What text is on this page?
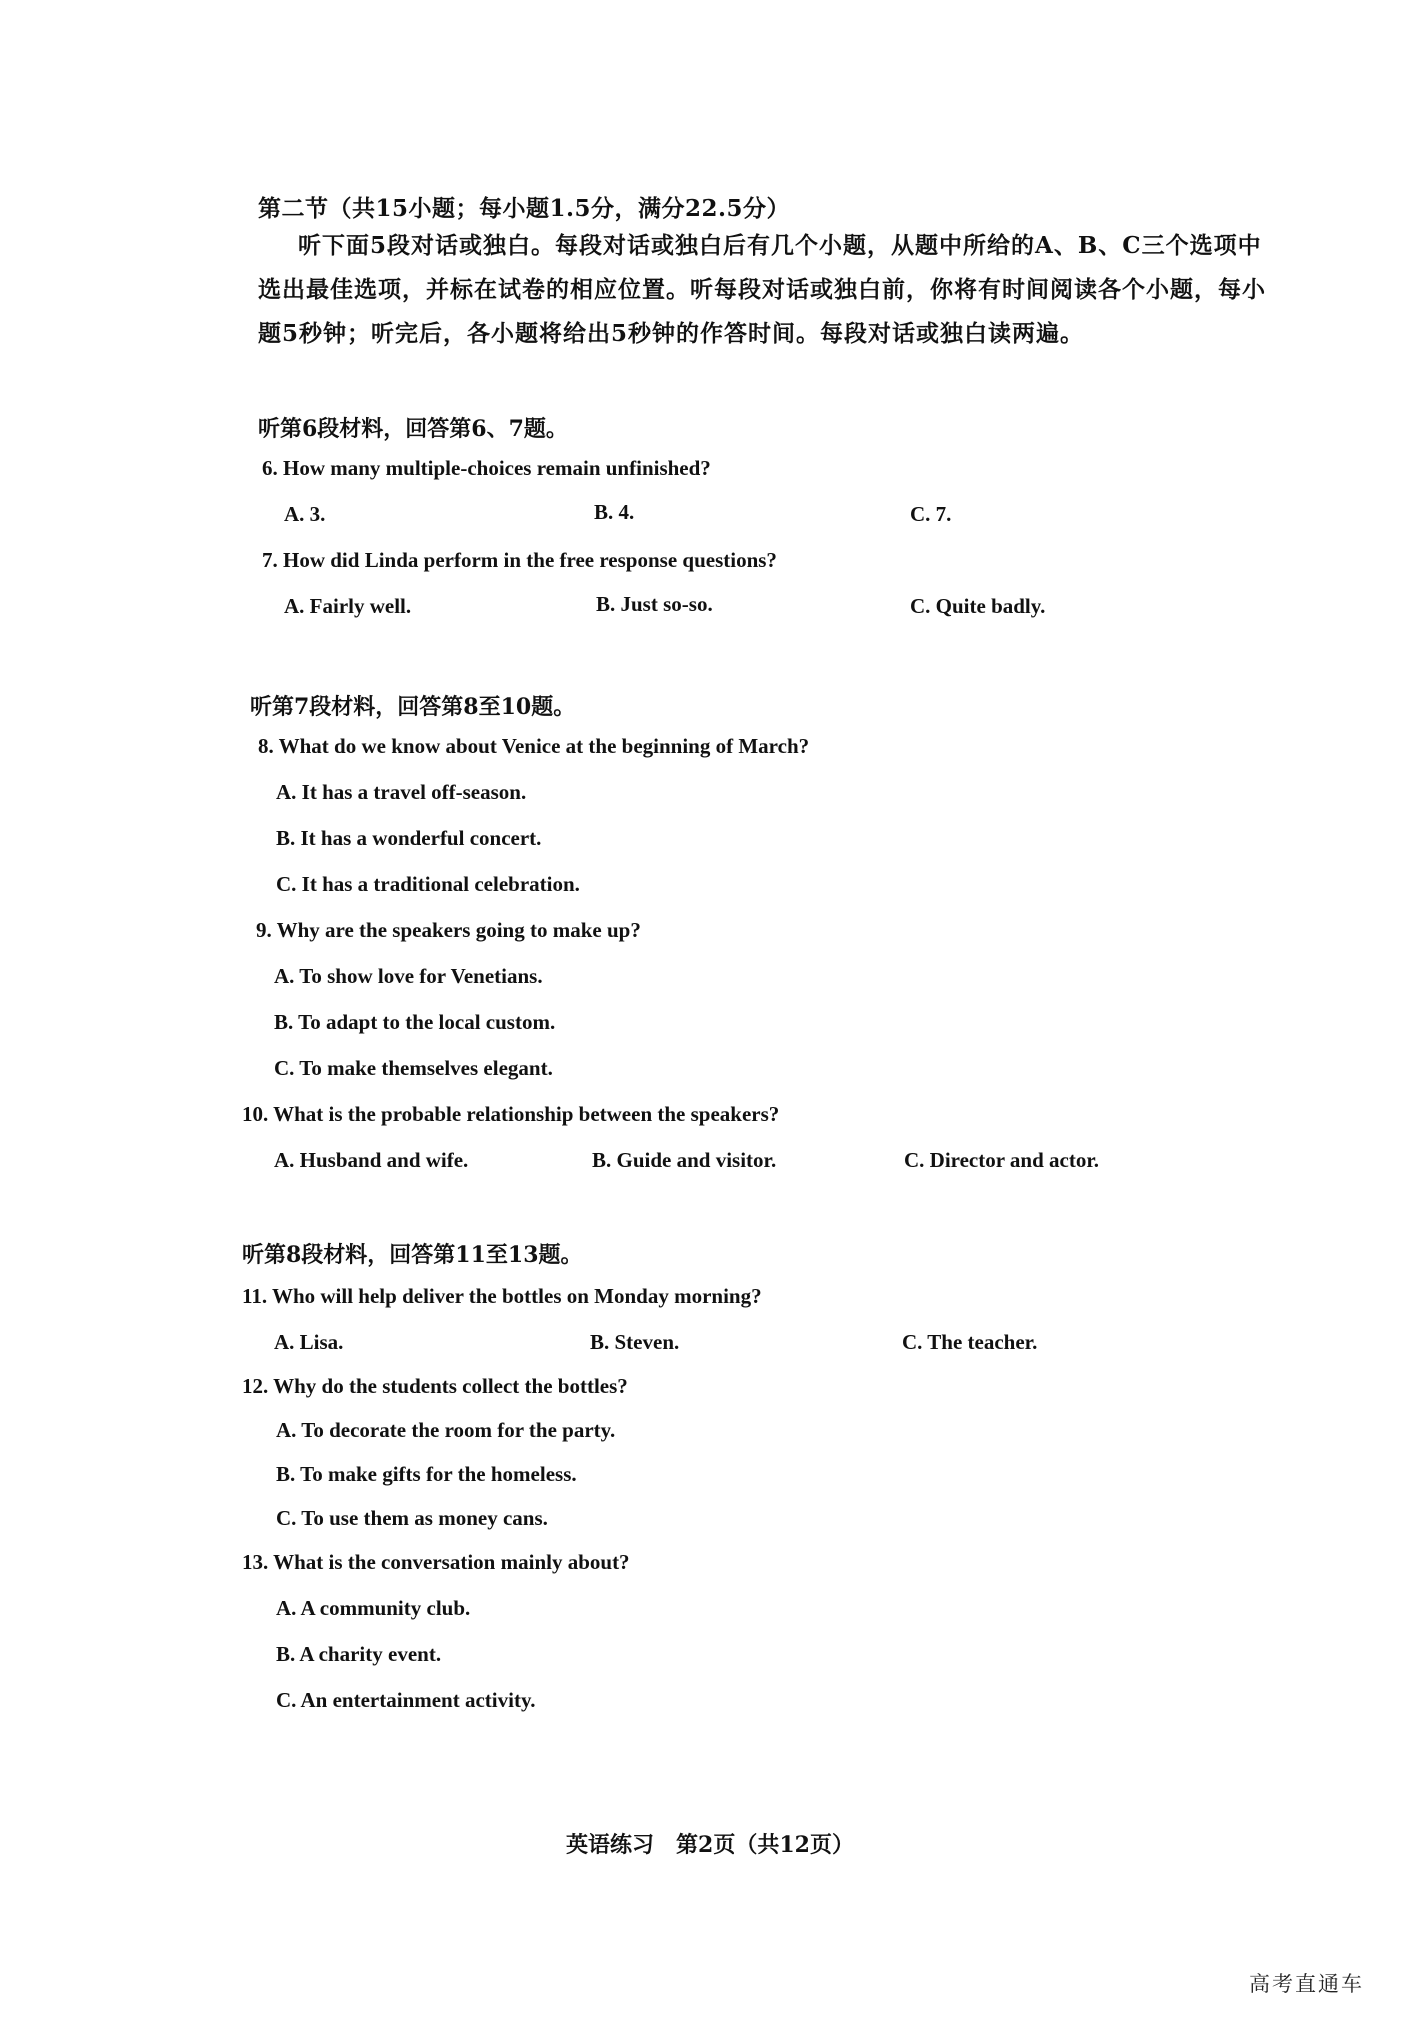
第二节（共15小题；每小题1.5分，满分22.5分）
听下面5段对话或独白。每段对话或独白后有几个小题，从题中所给的A、B、C三个选项中选出最佳选项，并标在试卷的相应位置。听每段对话或独白前，你将有时间阅读各个小题，每小题5秒钟；听完后，各小题将给出5秒钟的作答时间。每段对话或独白读两遍。
听第6段材料，回答第6、7题。
6. How many multiple-choices remain unfinished?
A. 3.	B. 4.	C. 7.
7. How did Linda perform in the free response questions?
A. Fairly well.	B. Just so-so.	C. Quite badly.
听第7段材料，回答第8至10题。
8. What do we know about Venice at the beginning of March?
A. It has a travel off-season.
B. It has a wonderful concert.
C. It has a traditional celebration.
9. Why are the speakers going to make up?
A. To show love for Venetians.
B. To adapt to the local custom.
C. To make themselves elegant.
10. What is the probable relationship between the speakers?
A. Husband and wife.	B. Guide and visitor.	C. Director and actor.
听第8段材料，回答第11至13题。
11. Who will help deliver the bottles on Monday morning?
A. Lisa.	B. Steven.	C. The teacher.
12. Why do the students collect the bottles?
A. To decorate the room for the party.
B. To make gifts for the homeless.
C. To use them as money cans.
13. What is the conversation mainly about?
A. A community club.
B. A charity event.
C. An entertainment activity.
英语练习　第2页（共12页）
高考直通车
